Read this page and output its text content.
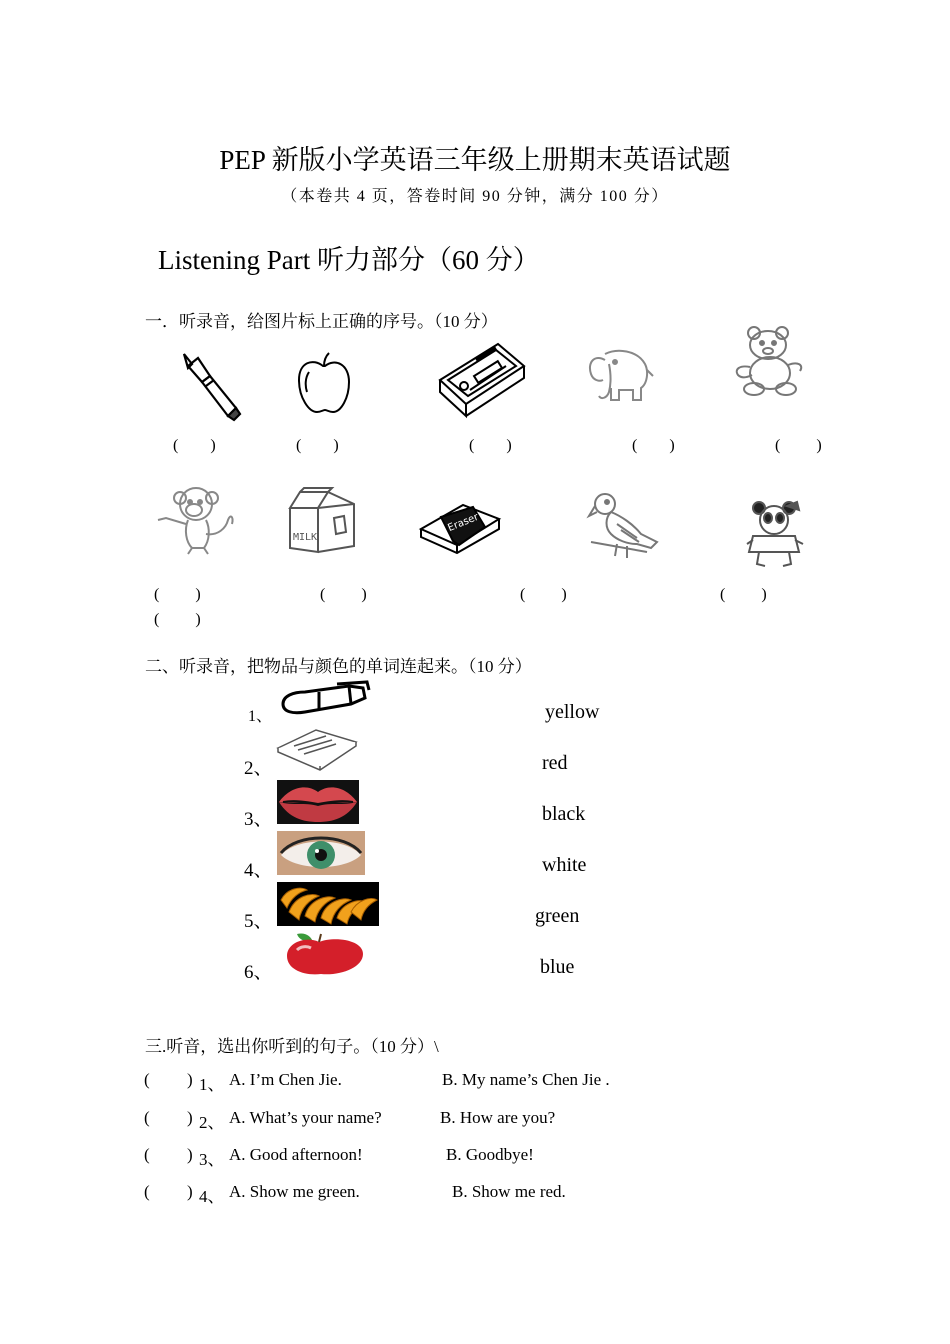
PEP 新版小学英语三年级上册期末英语试题
（本卷共 4 页，答卷时间 90 分钟，满分 100 分）
Listening Part 听力部分（60 分）
一．听录音，给图片标上正确的序号。（10 分）
(　　)	(　　)	(　　)	(　　)	(　　 )
MILK
Eraser
(　　 )	(　　 )	(　　 )	(　　 )
(　　 )
二、听录音，把物品与颜色的单词连起来。（10 分）
1、
2、
3、
4、
5、
6、
yellow
red
black
white
green
blue
三.听音，选出你听到的句子。（10 分）\
( ) 1、 A. I’m Chen Jie.	B. My name’s Chen Jie .
( ) 2、 A. What’s your name?	B. How are you?
( ) 3、 A. Good afternoon!	B. Goodbye!
( ) 4、 A. Show me green.	B. Show me red.
